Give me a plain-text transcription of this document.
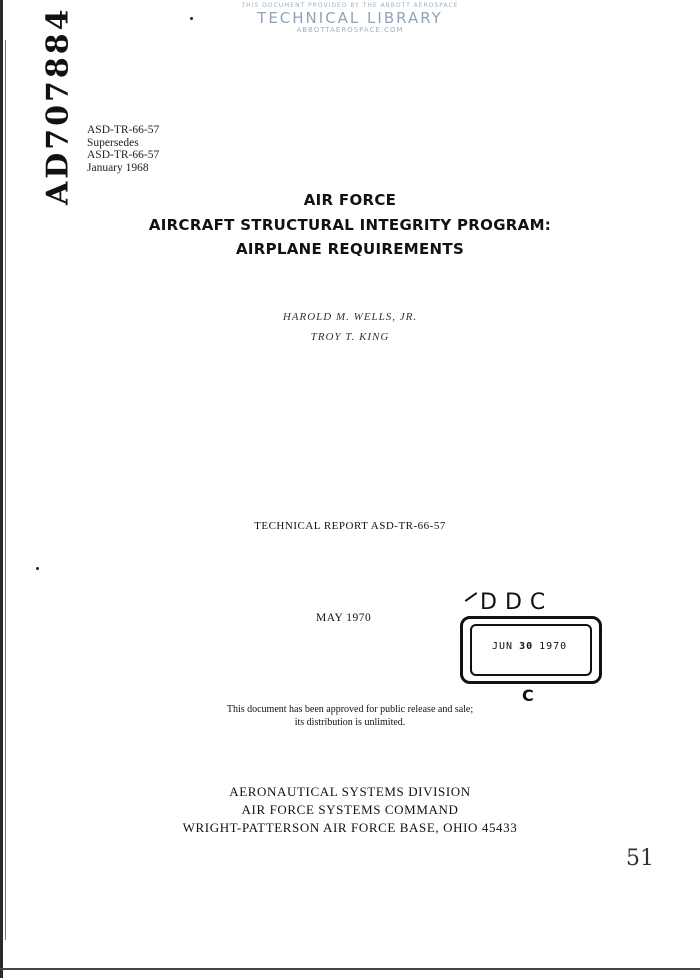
THIS DOCUMENT PROVIDED BY THE ABBOTT AEROSPACE
TECHNICAL LIBRARY
ABBOTTAEROSPACE.COM
AD707884 ASD-TR-66-57
Supersedes
ASD-TR-66-57
January 1968
AIR FORCE
AIRCRAFT STRUCTURAL INTEGRITY PROGRAM:
AIRPLANE REQUIREMENTS
HAROLD M. WELLS, JR.
TROY T. KING
TECHNICAL REPORT ASD-TR-66-57
MAY 1970
DDC
JUN 30 1970
C
This document has been approved for public release and sale;
its distribution is unlimited.
AERONAUTICAL SYSTEMS DIVISION
AIR FORCE SYSTEMS COMMAND
WRIGHT-PATTERSON AIR FORCE BASE, OHIO 45433
51
